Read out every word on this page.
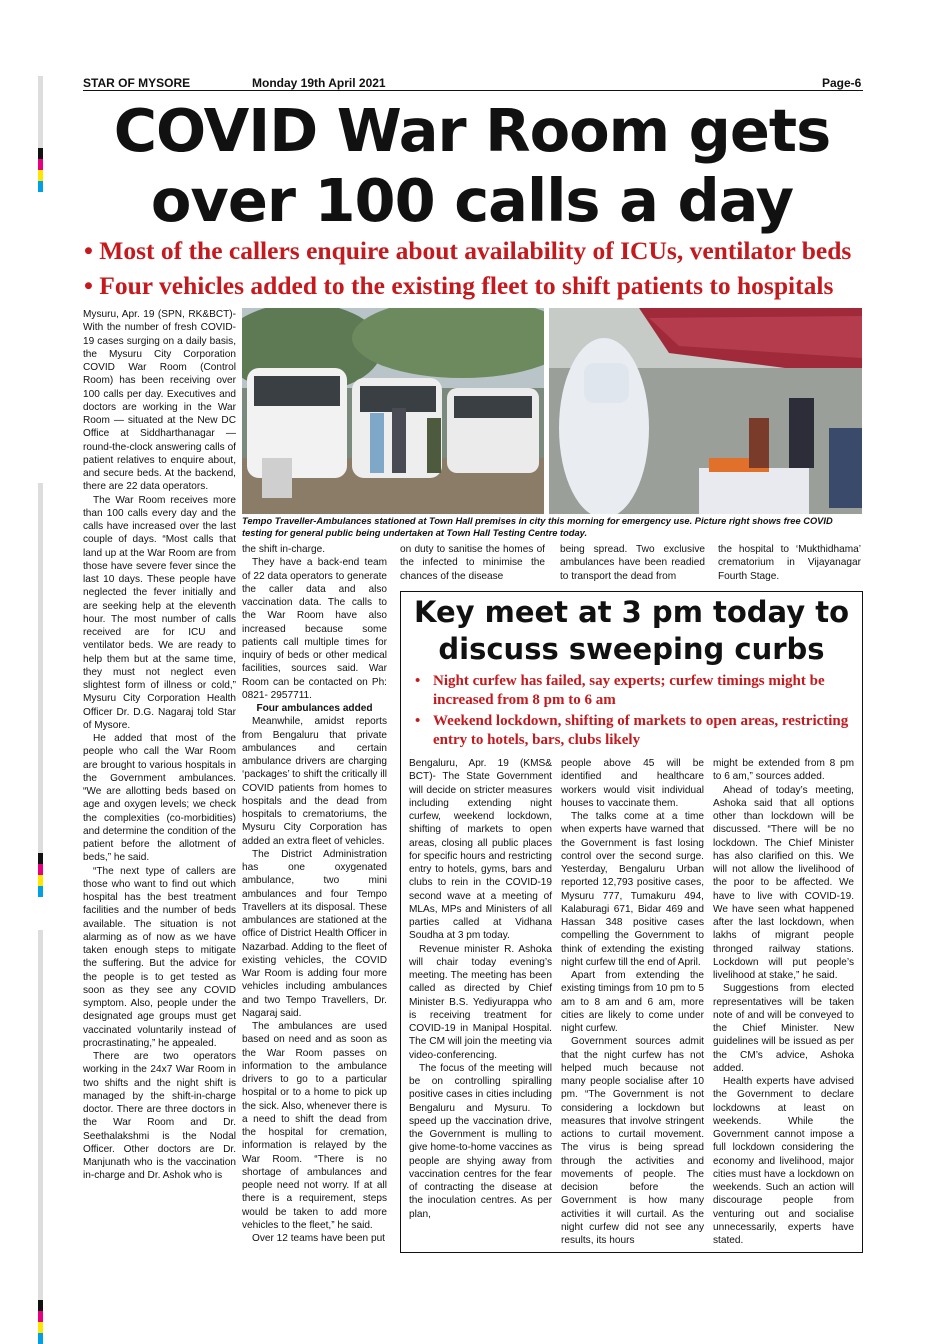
STAR OF MYSORE	Monday 19th April 2021	Page-6
COVID War Room gets
over 100 calls a day
• Most of the callers enquire about availability of ICUs, ventilator beds
• Four vehicles added to the existing fleet to shift patients to hospitals
Tempo Traveller-Ambulances stationed at Town Hall premises in city this morning for emergency use. Picture right shows free COVID testing for general public being undertaken at Town Hall Testing Centre today.

Mysuru, Apr. 19 (SPN, RK&BCT)- With the number of fresh COVID-19 cases surging on a daily basis, the Mysuru City Corporation COVID War Room (Control Room) has been receiving over 100 calls per day. Executives and doctors are working in the War Room — situated at the New DC Office at Siddharthanagar — round-the-clock answering calls of patient relatives to enquire about, and secure beds. At the backend, there are 22 data operators.

The War Room receives more than 100 calls every day and the calls have increased over the last couple of days. “Most calls that land up at the War Room are from those have severe fever since the last 10 days. These people have neglected the fever initially and are seeking help at the eleventh hour. The most number of calls received are for ICU and ventilator beds. We are ready to help them but at the same time, they must not neglect even slightest form of illness or cold,” Mysuru City Corporation Health Officer Dr. D.G. Nagaraj told Star of Mysore.

He added that most of the people who call the War Room are brought to various hospitals in the Government ambulances. “We are allotting beds based on age and oxygen levels; we check the complexities (co-morbidities) and determine the condition of the patient before the allotment of beds,” he said.

“The next type of callers are those who want to find out which hospital has the best treatment facilities and the number of beds available. The situation is not alarming as of now as we have taken enough steps to mitigate the suffering. But the advice for the people is to get tested as soon as they see any COVID symptom. Also, people under the designated age groups must get vaccinated voluntarily instead of procrastinating,” he appealed.

There are two operators working in the 24x7 War Room in two shifts and the night shift is managed by the shift-in-charge doctor. There are three doctors in the War Room and Dr. Seethalakshmi is the Nodal Officer. Other doctors are Dr. Manjunath who is the vaccination in-charge and Dr. Ashok who is

the shift in-charge.

They have a back-end team of 22 data operators to generate the caller data and also vaccination data. The calls to the War Room have also increased because some patients call multiple times for inquiry of beds or other medical facilities, sources said. War Room can be contacted on Ph: 0821- 2957711.

Four ambulances added

Meanwhile, amidst reports from Bengaluru that private ambulances and certain ambulance drivers are charging ‘packages’ to shift the critically ill COVID patients from homes to hospitals and the dead from hospitals to crematoriums, the Mysuru City Corporation has added an extra fleet of vehicles.

The District Administration has one oxygenated ambulance, two mini ambulances and four Tempo Travellers at its disposal. These ambulances are stationed at the office of District Health Officer in Nazarbad. Adding to the fleet of existing vehicles, the COVID War Room is adding four more vehicles including ambulances and two Tempo Travellers, Dr. Nagaraj said.

The ambulances are used based on need and as soon as the War Room passes on information to the ambulance drivers to go to a particular hospital or to a home to pick up the sick. Also, whenever there is a need to shift the dead from the hospital for cremation, information is relayed by the War Room. “There is no shortage of ambulances and people need not worry. If at all there is a requirement, steps would be taken to add more vehicles to the fleet,” he said.

Over 12 teams have been put

on duty to sanitise the homes of the infected to minimise the chances of the disease

being spread. Two exclusive ambulances have been readied to transport the dead from

the hospital to ‘Mukthidhama’ crematorium in Vijayanagar Fourth Stage.

Key meet at 3 pm today to
discuss sweeping curbs
• Night curfew has failed, say experts; curfew timings might be increased from 8 pm to 6 am
• Weekend lockdown, shifting of markets to open areas, restricting entry to hotels, bars, clubs likely

Bengaluru, Apr. 19 (KMS& BCT)- The State Government will decide on stricter measures including extending night curfew, weekend lockdown, shifting of markets to open areas, closing all public places for specific hours and restricting entry to hotels, gyms, bars and clubs to rein in the COVID-19 second wave at a meeting of MLAs, MPs and Ministers of all parties called at Vidhana Soudha at 3 pm today.

Revenue minister R. Ashoka will chair today evening’s meeting. The meeting has been called as directed by Chief Minister B.S. Yediyurappa who is receiving treatment for COVID-19 in Manipal Hospital. The CM will join the meeting via video-conferencing.

The focus of the meeting will be on controlling spiralling positive cases in cities including Bengaluru and Mysuru. To speed up the vaccination drive, the Government is mulling to give home-to-home vaccines as people are shying away from vaccination centres for the fear of contracting the disease at the inoculation centres. As per plan,

people above 45 will be identified and healthcare workers would visit individual houses to vaccinate them.

The talks come at a time when experts have warned that the Government is fast losing control over the second surge. Yesterday, Bengaluru Urban reported 12,793 positive cases, Mysuru 777, Tumakuru 494, Kalaburagi 671, Bidar 469 and Hassan 348 positive cases compelling the Government to think of extending the existing night curfew till the end of April.

Apart from extending the existing timings from 10 pm to 5 am to 8 am and 6 am, more cities are likely to come under night curfew.

Government sources admit that the night curfew has not helped much because not many people socialise after 10 pm. “The Government is not considering a lockdown but measures that involve stringent actions to curtail movement. The virus is being spread through the activities and movements of people. The decision before the Government is how many activities it will curtail. As the night curfew did not see any results, its hours

might be extended from 8 pm to 6 am,” sources added.

Ahead of today’s meeting, Ashoka said that all options other than lockdown will be discussed. “There will be no lockdown. The Chief Minister has also clarified on this. We will not allow the livelihood of the poor to be affected. We have to live with COVID-19. We have seen what happened after the last lockdown, when lakhs of migrant people thronged railway stations. Lockdown will put people’s livelihood at stake,” he said.

Suggestions from elected representatives will be taken note of and will be conveyed to the Chief Minister. New guidelines will be issued as per the CM’s advice, Ashoka added.

Health experts have advised the Government to declare lockdowns at least on weekends. While the Government cannot impose a full lockdown considering the economy and livelihood, major cities must have a lockdown on weekends. Such an action will discourage people from venturing out and socialise unnecessarily, experts have stated.
